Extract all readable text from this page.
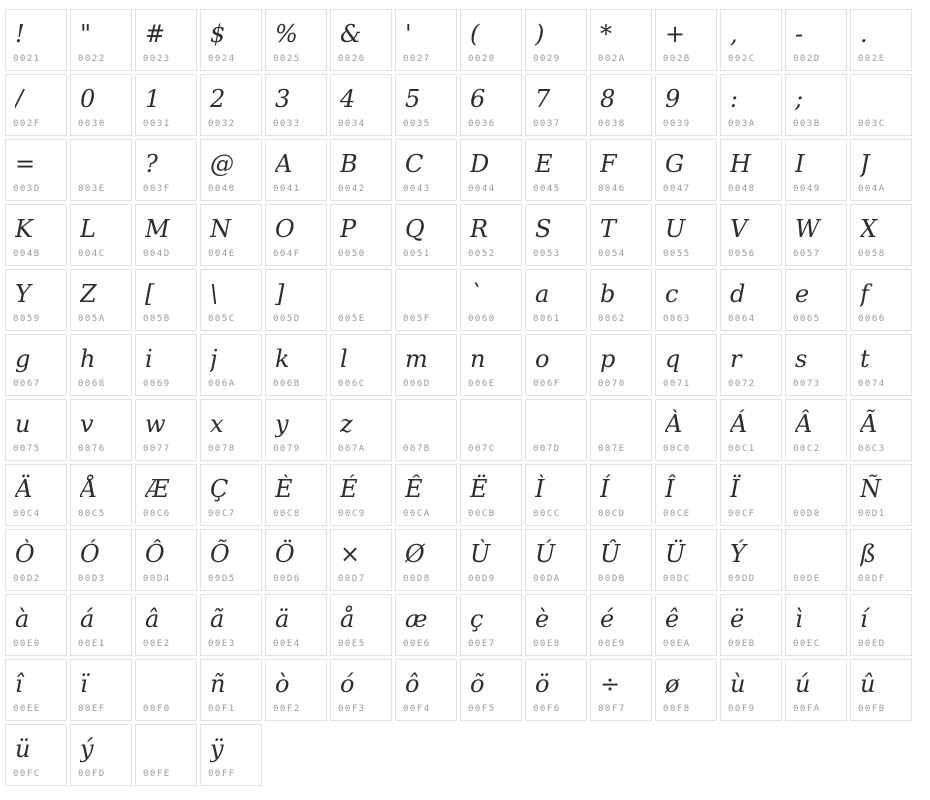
!
0021
"
0022
#
0023
$
0024
%
0025
&
0026
'
0027
(
0028
)
0029
*
002A
+
002B
,
002C
-
002D
.
002E
/
002F
0
0030
1
0031
2
0032
3
0033
4
0034
5
0035
6
0036
7
0037
8
0038
9
0039
:
003A
;
003B	003C
=
003D	003E
?
003F
@
0040
A
0041
B
0042
C
0043
D
0044
E
0045
F
0046
G
0047
H
0048
I
0049
J
004A
K
004B
L
004C
M
004D
N
004E
O
004F
P
0050
Q
0051
R
0052
S
0053
T
0054
U
0055
V
0056
W
0057
X
0058
Y
0059
Z
005A
[
005B
\
005C
]
005D	005E	005F
`
0060
a
0061
b
0062
c
0063
d
0064
e
0065
f
0066
g
0067
h
0068
i
0069
j
006A
k
006B
l
006C
m
006D
n
006E
o
006F
p
0070
q
0071
r
0072
s
0073
t
0074
u
0075
v
0076
w
0077
x
0078
y
0079
z
007A	007B	007C	007D	007E
À
00C0
Á
00C1
Â
00C2
Ã
00C3
Ä
00C4
Å
00C5
Æ
00C6
Ç
00C7
È
00C8
É
00C9
Ê
00CA
Ë
00CB
Ì
00CC
Í
00CD
Î
00CE
Ï
00CF	00D0
Ñ
00D1
Ò
00D2
Ó
00D3
Ô
00D4
Õ
00D5
Ö
00D6
×
00D7
Ø
00D8
Ù
00D9
Ú
00DA
Û
00DB
Ü
00DC
Ý
00DD	00DE
ß
00DF
à
00E0
á
00E1
â
00E2
ã
00E3
ä
00E4
å
00E5
æ
00E6
ç
00E7
è
00E8
é
00E9
ê
00EA
ë
00EB
ì
00EC
í
00ED
î
00EE
ï
00EF	00F0
ñ
00F1
ò
00F2
ó
00F3
ô
00F4
õ
00F5
ö
00F6
÷
00F7
ø
00F8
ù
00F9
ú
00FA
û
00FB
ü
00FC
ý
00FD	00FE
ÿ
00FF
